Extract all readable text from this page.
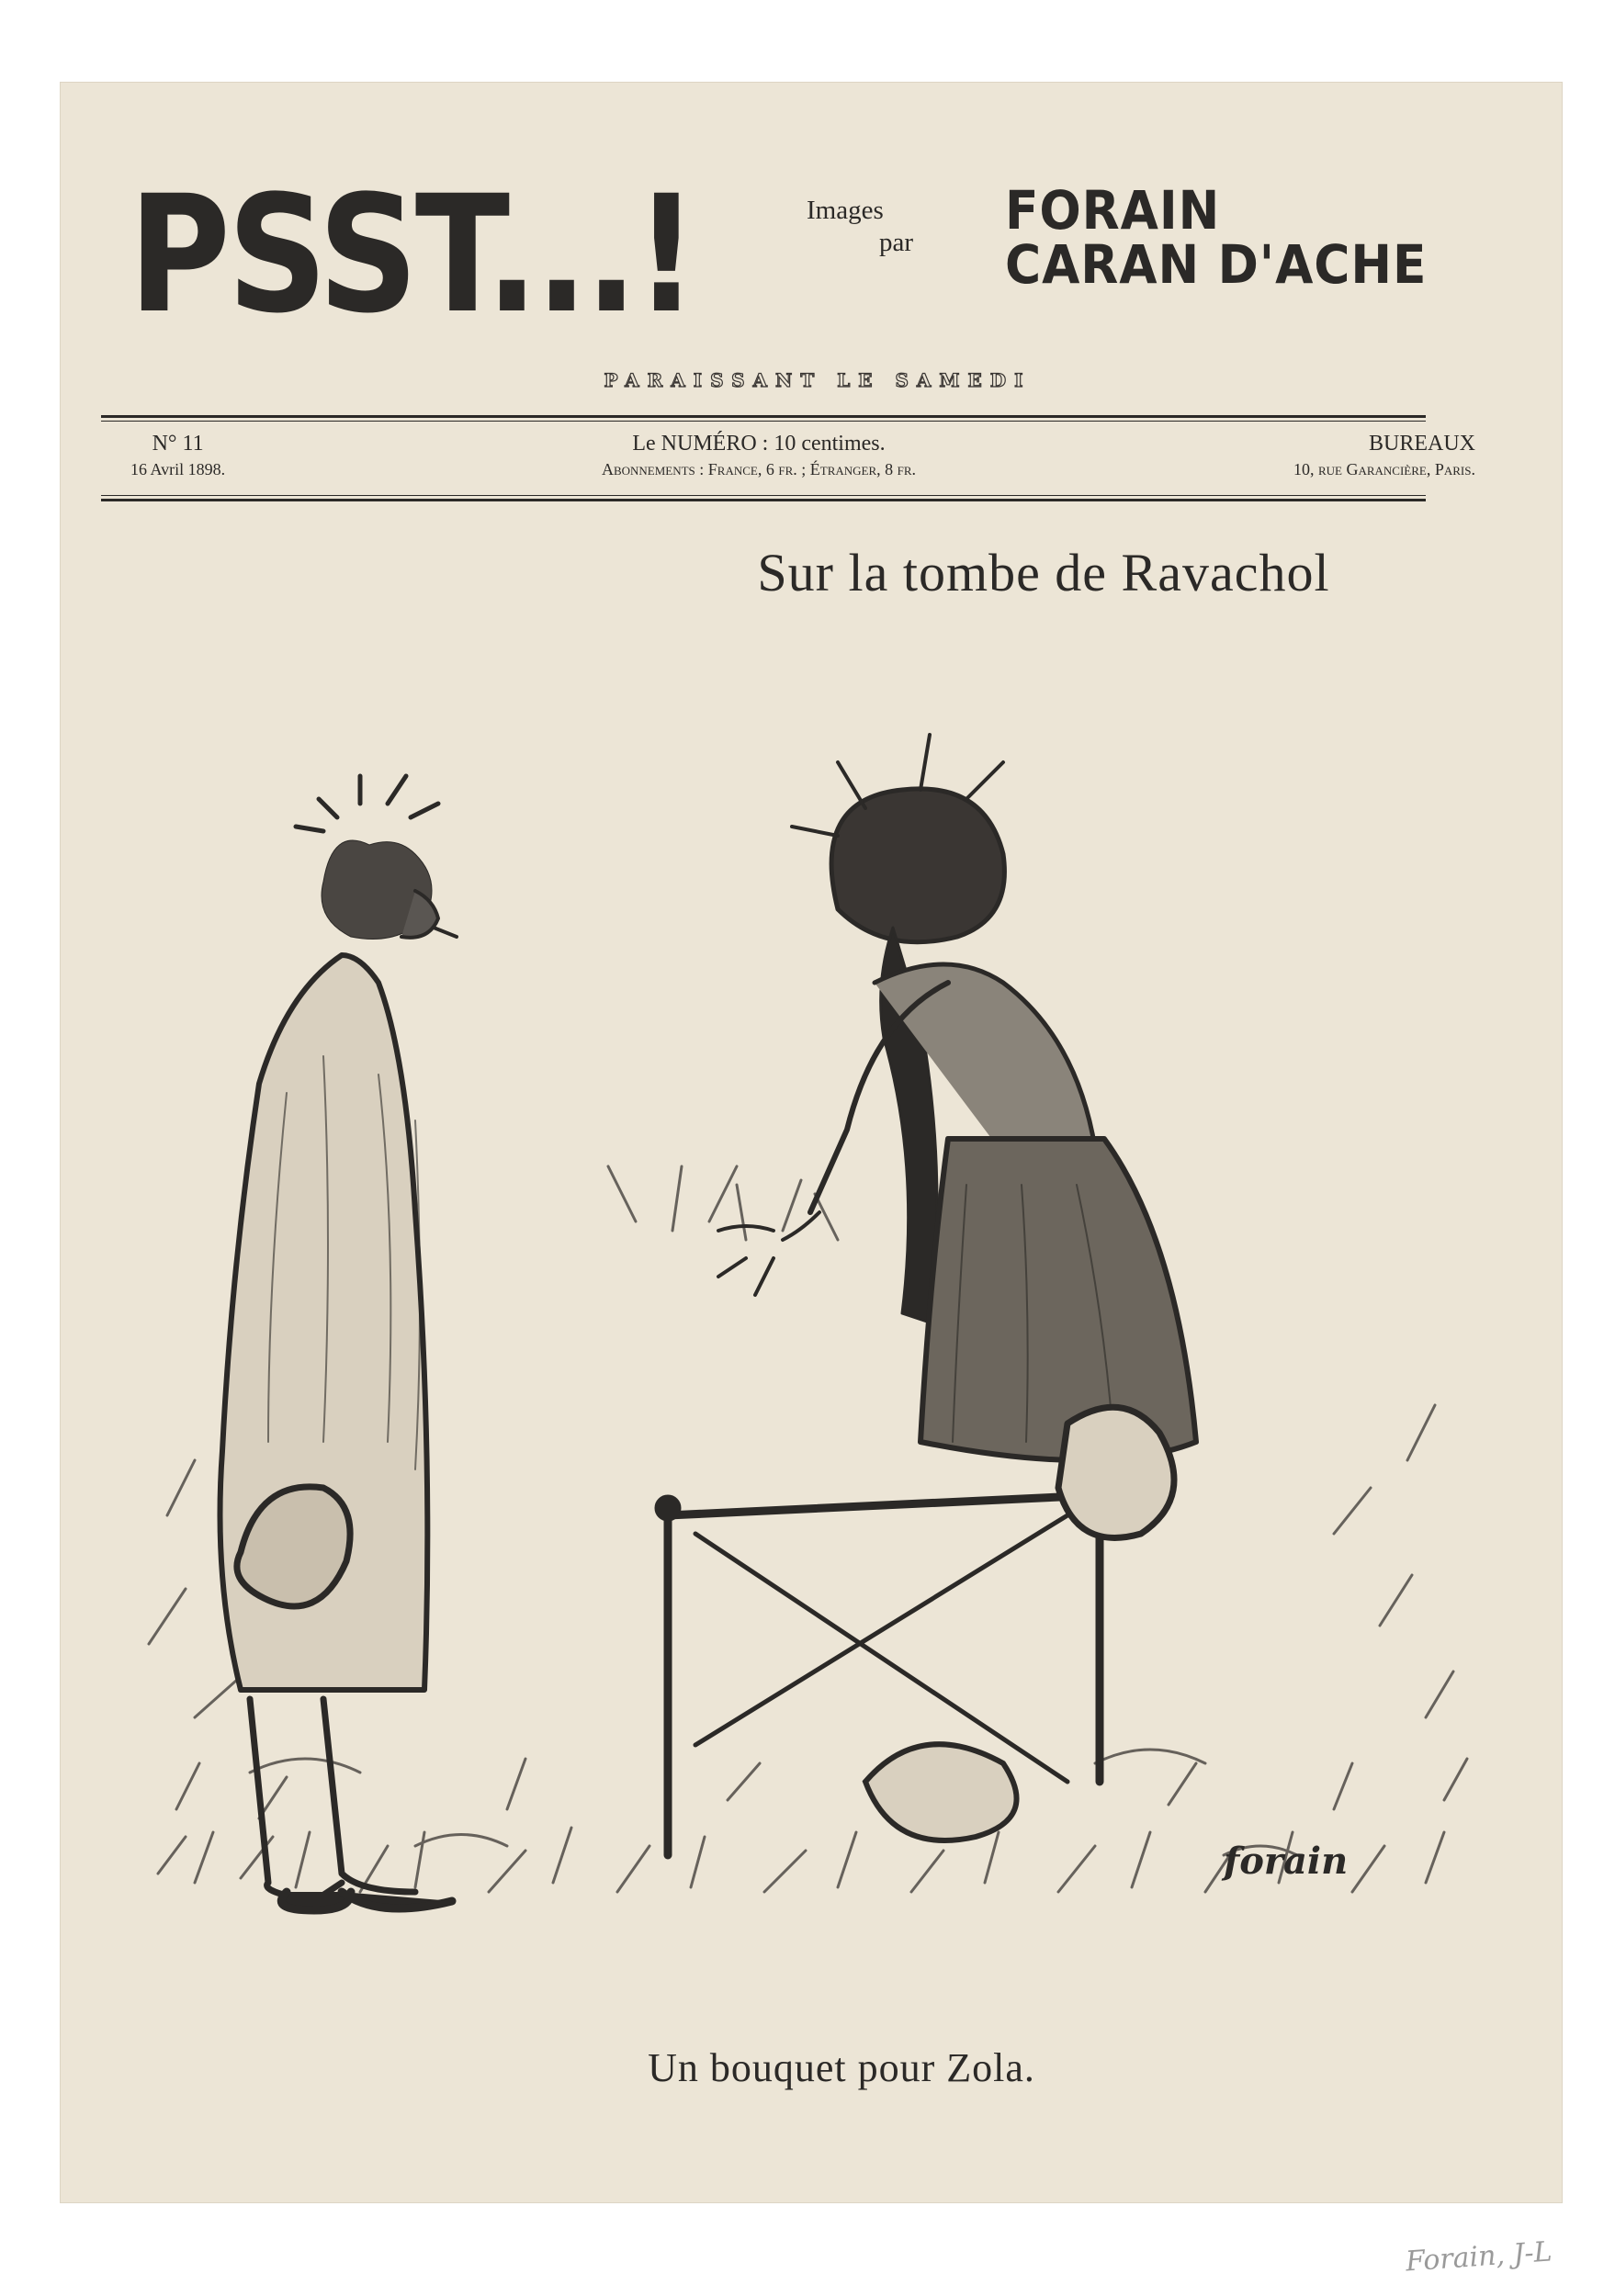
PSST...!	Images
par
FORAIN
CARAN D'ACHE
PARAISSANT LE SAMEDI
N° 11
16 Avril 1898.
Le NUMÉRO : 10 centimes.
Abonnements : France, 6 fr. ; Étranger, 8 fr.
BUREAUX
10, rue Garancière, Paris.
Sur la tombe de Ravachol
forain
Un bouquet pour Zola.
Forain, J-L
